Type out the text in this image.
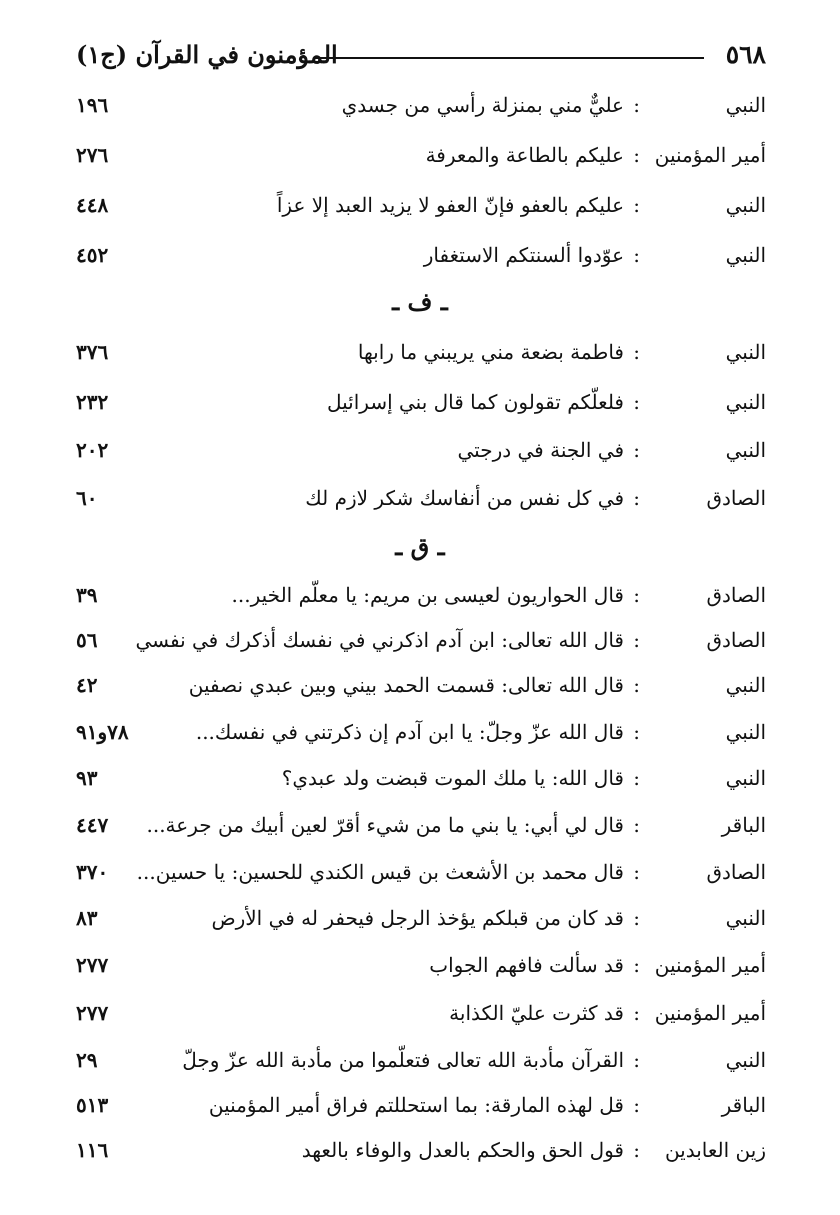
٥٦٨
المؤمنون في القرآن (ج١)
النبي
:
عليٌّ مني بمنزلة رأسي من جسدي
١٩٦
أمير المؤمنين
:
عليكم بالطاعة والمعرفة
٢٧٦
النبي
:
عليكم بالعفو فإنّ العفو لا يزيد العبد إلا عزاً
٤٤٨
النبي
:
عوّدوا ألسنتكم الاستغفار
٤٥٢
ـ ف ـ
النبي
:
فاطمة بضعة مني يريبني ما رابها
٣٧٦
النبي
:
فلعلّكم تقولون كما قال بني إسرائيل
٢٣٢
النبي
:
في الجنة في درجتي
٢٠٢
الصادق
:
في كل نفس من أنفاسك شكر لازم لك
٦٠
ـ ق ـ
الصادق
:
قال الحواريون لعيسى بن مريم: يا معلّم الخير...
٣٩
الصادق
:
قال الله تعالى: ابن آدم اذكرني في نفسك أذكرك في نفسي
٥٦
النبي
:
قال الله تعالى: قسمت الحمد بيني وبين عبدي نصفين
٤٢
النبي
:
قال الله عزّ وجلّ: يا ابن آدم إن ذكرتني في نفسك...
٧٨و٩١
النبي
:
قال الله: يا ملك الموت قبضت ولد عبدي؟
٩٣
الباقر
:
قال لي أبي: يا بني ما من شيء أقرّ لعين أبيك من جرعة...
٤٤٧
الصادق
:
قال محمد بن الأشعث بن قيس الكندي للحسين: يا حسين...
٣٧٠
النبي
:
قد كان من قبلكم يؤخذ الرجل فيحفر له في الأرض
٨٣
أمير المؤمنين
:
قد سألت فافهم الجواب
٢٧٧
أمير المؤمنين
:
قد كثرت عليّ الكذابة
٢٧٧
النبي
:
القرآن مأدبة الله تعالى فتعلّموا من مأدبة الله عزّ وجلّ
٢٩
الباقر
:
قل لهذه المارقة: بما استحللتم فراق أمير المؤمنين
٥١٣
زين العابدين
:
قول الحق والحكم بالعدل والوفاء بالعهد
١١٦
